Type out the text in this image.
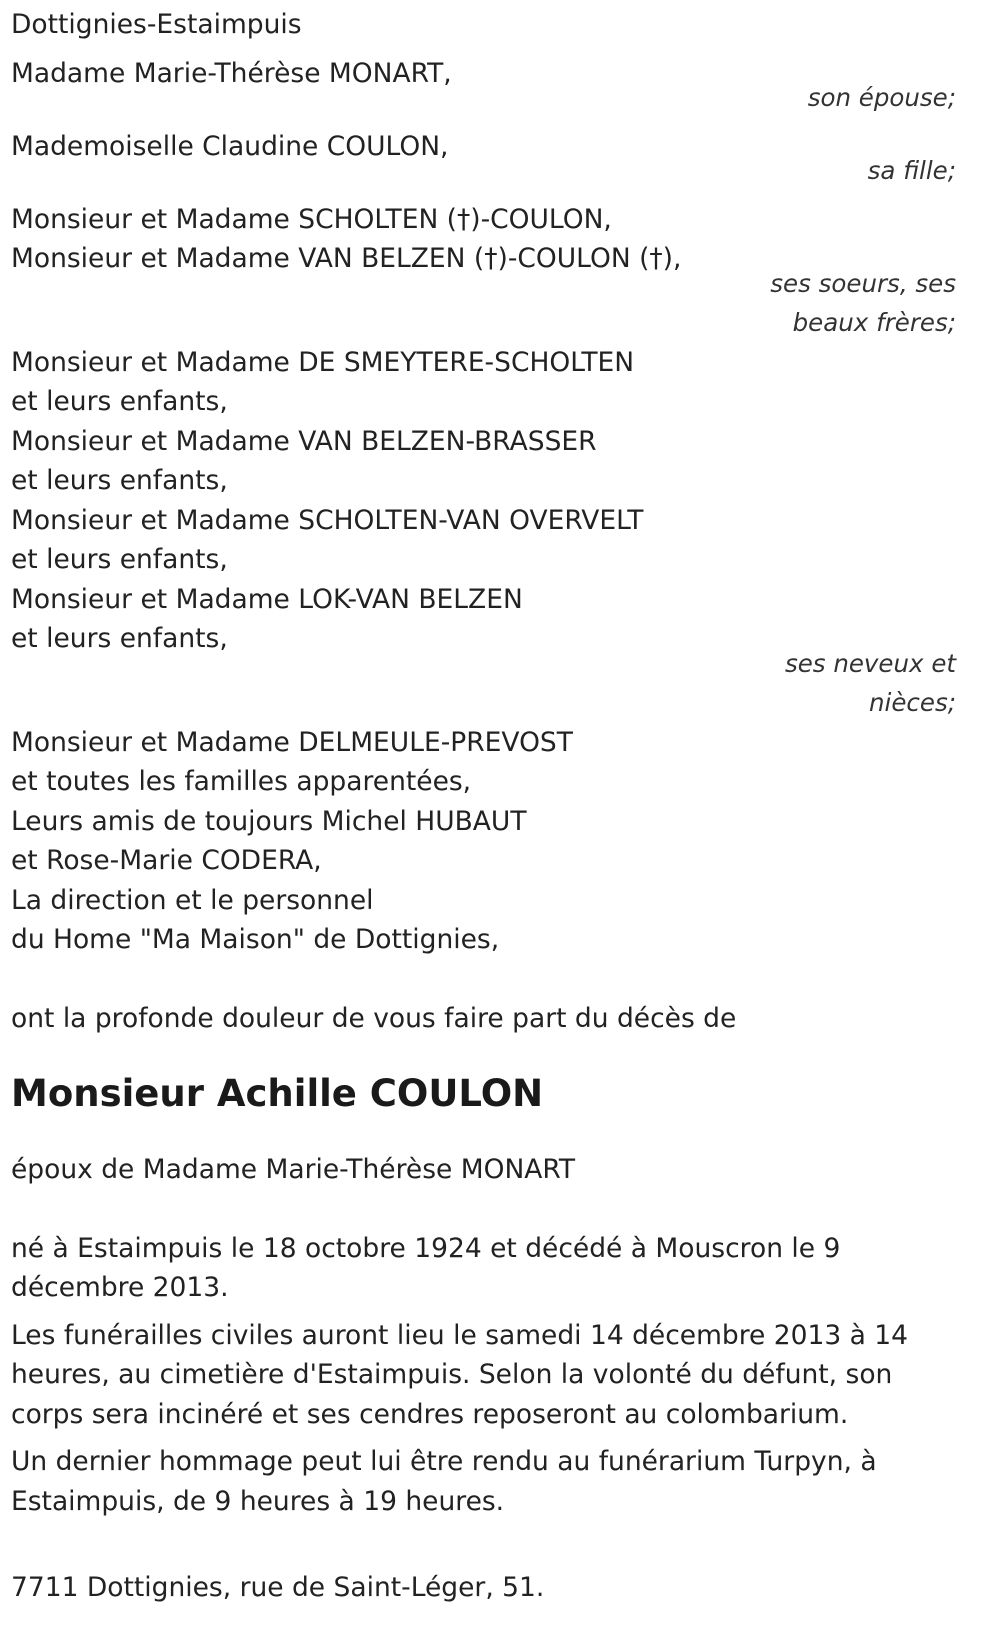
Dottignies-Estaimpuis
Madame Marie-Thérèse MONART,
son épouse;
Mademoiselle Claudine COULON,
sa fille;
Monsieur et Madame SCHOLTEN (†)-COULON,
Monsieur et Madame VAN BELZEN (†)-COULON (†),
ses soeurs, ses
beaux frères;
Monsieur et Madame DE SMEYTERE-SCHOLTEN
et leurs enfants,
Monsieur et Madame VAN BELZEN-BRASSER
et leurs enfants,
Monsieur et Madame SCHOLTEN-VAN OVERVELT
et leurs enfants,
Monsieur et Madame LOK-VAN BELZEN
et leurs enfants,
ses neveux et
nièces;
Monsieur et Madame DELMEULE-PREVOST
et toutes les familles apparentées,
Leurs amis de toujours Michel HUBAUT
et Rose-Marie CODERA,
La direction et le personnel
du Home "Ma Maison" de Dottignies,
ont la profonde douleur de vous faire part du décès de
Monsieur Achille COULON
époux de Madame Marie-Thérèse MONART
né à Estaimpuis le 18 octobre 1924 et décédé à Mouscron le 9 décembre 2013.
Les funérailles civiles auront lieu le samedi 14 décembre 2013 à 14 heures, au cimetière d'Estaimpuis. Selon la volonté du défunt, son corps sera incinéré et ses cendres reposeront au colombarium.
Un dernier hommage peut lui être rendu au funérarium Turpyn, à Estaimpuis, de 9 heures à 19 heures.
7711 Dottignies, rue de Saint-Léger, 51.
